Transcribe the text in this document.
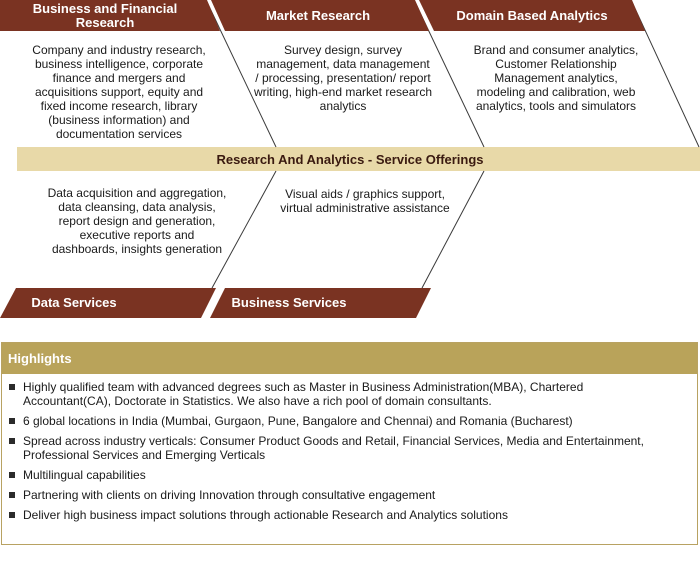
Business and Financial
Research	Market Research	Domain Based Analytics
Company and industry research,
business intelligence, corporate
finance and mergers and
acquisitions support, equity and
fixed income research, library
(business information) and
documentation services
Survey design, survey
management, data management
/ processing, presentation/ report
writing, high-end market research
analytics
Brand and consumer analytics,
Customer Relationship
Management analytics,
modeling and calibration, web
analytics, tools and simulators
Research And Analytics - Service Offerings
Data acquisition and aggregation,
data cleansing, data analysis,
report design and generation,
executive reports and
dashboards, insights generation
Visual aids / graphics support,
virtual administrative assistance
Data Services	Business Services
Highlights
Highly qualified team with advanced degrees such as Master in Business Administration(MBA), Chartered
Accountant(CA), Doctorate in Statistics. We also have a rich pool of domain consultants.
6 global locations in India (Mumbai, Gurgaon, Pune, Bangalore and Chennai) and Romania (Bucharest)
Spread across industry verticals: Consumer Product Goods and Retail, Financial Services, Media and Entertainment,
Professional Services and Emerging Verticals
Multilingual capabilities
Partnering with clients on driving Innovation through consultative engagement
Deliver high business impact solutions through actionable Research and Analytics solutions
